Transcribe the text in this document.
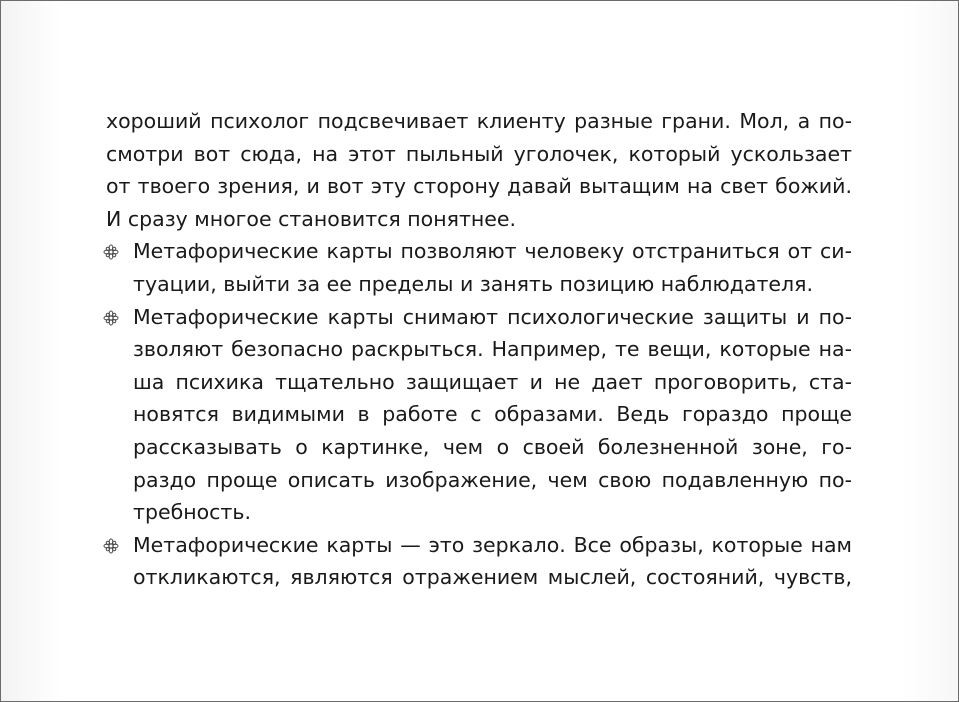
хороший психолог подсвечивает клиенту разные грани. Мол, а по-
смотри вот сюда, на этот пыльный уголочек, который ускользает
от твоего зрения, и вот эту сторону давай вытащим на свет божий.
И сразу многое становится понятнее.
Метафорические карты позволяют человеку отстраниться от си-
туации, выйти за ее пределы и занять позицию наблюдателя.
Метафорические карты снимают психологические защиты и по-
зволяют безопасно раскрыться. Например, те вещи, которые на-
ша психика тщательно защищает и не дает проговорить, ста-
новятся видимыми в работе с образами. Ведь гораздо проще
рассказывать о картинке, чем о своей болезненной зоне, го-
раздо проще описать изображение, чем свою подавленную по-
требность.
Метафорические карты — это зеркало. Все образы, которые нам
откликаются, являются отражением мыслей, состояний, чувств,
